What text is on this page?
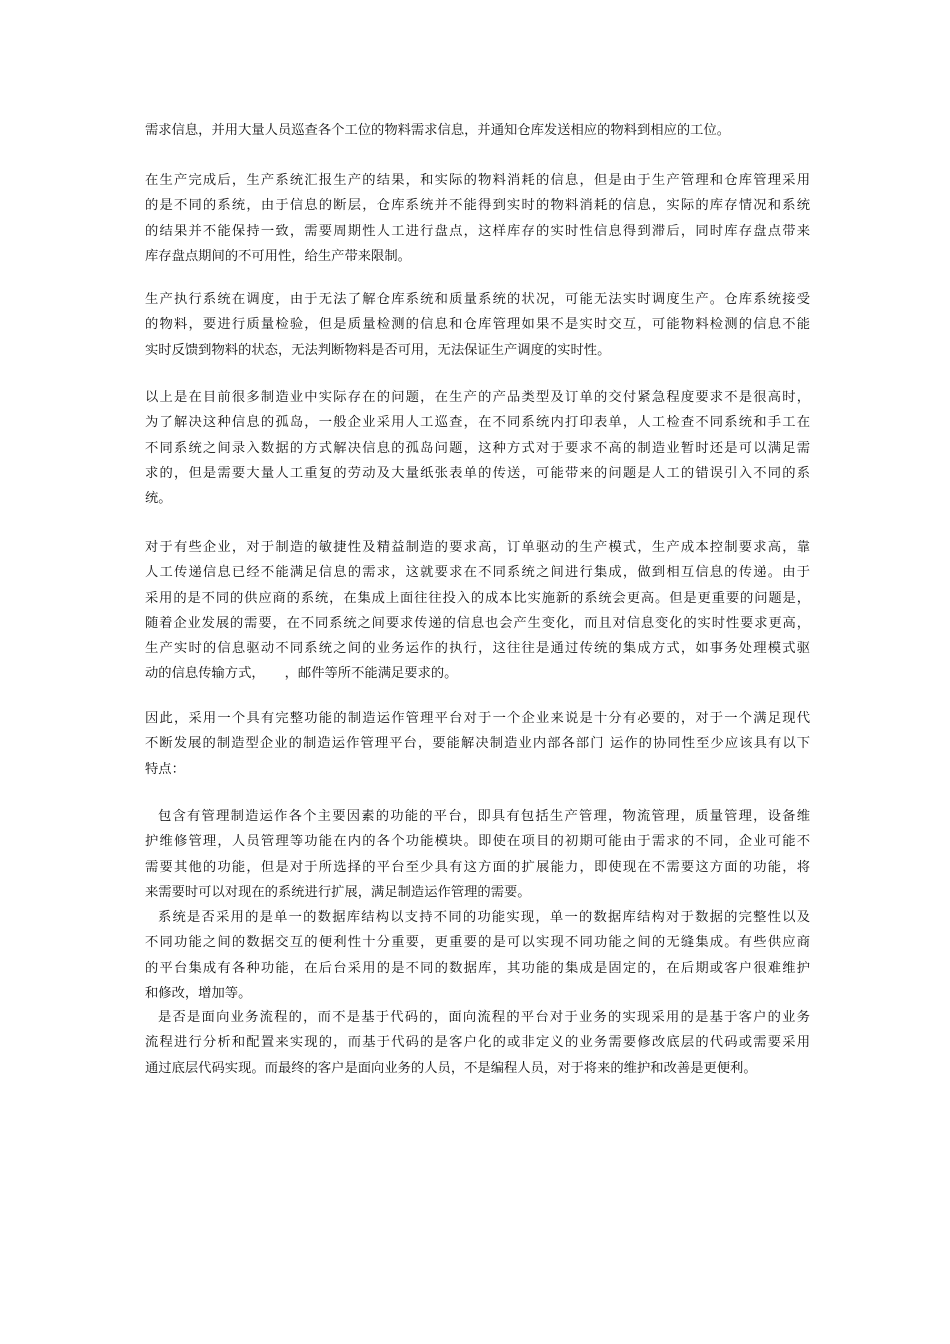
需求信息，并用大量人员巡查各个工位的物料需求信息，并通知仓库发送相应的物料到相应的工位。
在生产完成后，生产系统汇报生产的结果，和实际的物料消耗的信息，但是由于生产管理和仓库管理采用
的是不同的系统，由于信息的断层，仓库系统并不能得到实时的物料消耗的信息，实际的库存情况和系统
的结果并不能保持一致，需要周期性人工进行盘点，这样库存的实时性信息得到滞后，同时库存盘点带来
库存盘点期间的不可用性，给生产带来限制。
生产执行系统在调度，由于无法了解仓库系统和质量系统的状况，可能无法实时调度生产。仓库系统接受
的物料，要进行质量检验，但是质量检测的信息和仓库管理如果不是实时交互，可能物料检测的信息不能
实时反馈到物料的状态，无法判断物料是否可用，无法保证生产调度的实时性。
以上是在目前很多制造业中实际存在的问题，在生产的产品类型及订单的交付紧急程度要求不是很高时，
为了解决这种信息的孤岛，一般企业采用人工巡查，在不同系统内打印表单，人工检查不同系统和手工在
不同系统之间录入数据的方式解决信息的孤岛问题，这种方式对于要求不高的制造业暂时还是可以满足需
求的，但是需要大量人工重复的劳动及大量纸张表单的传送，可能带来的问题是人工的错误引入不同的系
统。
对于有些企业，对于制造的敏捷性及精益制造的要求高，订单驱动的生产模式，生产成本控制要求高，靠
人工传递信息已经不能满足信息的需求，这就要求在不同系统之间进行集成，做到相互信息的传递。由于
采用的是不同的供应商的系统，在集成上面往往投入的成本比实施新的系统会更高。但是更重要的问题是，
随着企业发展的需要，在不同系统之间要求传递的信息也会产生变化，而且对信息变化的实时性要求更高，
生产实时的信息驱动不同系统之间的业务运作的执行，这往往是通过传统的集成方式，如事务处理模式驱
动的信息传输方式，　　，邮件等所不能满足要求的。
因此，采用一个具有完整功能的制造运作管理平台对于一个企业来说是十分有必要的，对于一个满足现代
不断发展的制造型企业的制造运作管理平台，要能解决制造业内部各部门 运作的协同性至少应该具有以下
特点：
包含有管理制造运作各个主要因素的功能的平台，即具有包括生产管理，物流管理，质量管理，设备维
护维修管理，人员管理等功能在内的各个功能模块。即使在项目的初期可能由于需求的不同，企业可能不
需要其他的功能，但是对于所选择的平台至少具有这方面的扩展能力，即使现在不需要这方面的功能，将
来需要时可以对现在的系统进行扩展，满足制造运作管理的需要。
系统是否采用的是单一的数据库结构以支持不同的功能实现，单一的数据库结构对于数据的完整性以及
不同功能之间的数据交互的便利性十分重要，更重要的是可以实现不同功能之间的无缝集成。有些供应商
的平台集成有各种功能，在后台采用的是不同的数据库，其功能的集成是固定的，在后期或客户很难维护
和修改，增加等。
是否是面向业务流程的，而不是基于代码的，面向流程的平台对于业务的实现采用的是基于客户的业务
流程进行分析和配置来实现的，而基于代码的是客户化的或非定义的业务需要修改底层的代码或需要采用
通过底层代码实现。而最终的客户是面向业务的人员，不是编程人员，对于将来的维护和改善是更便利。
